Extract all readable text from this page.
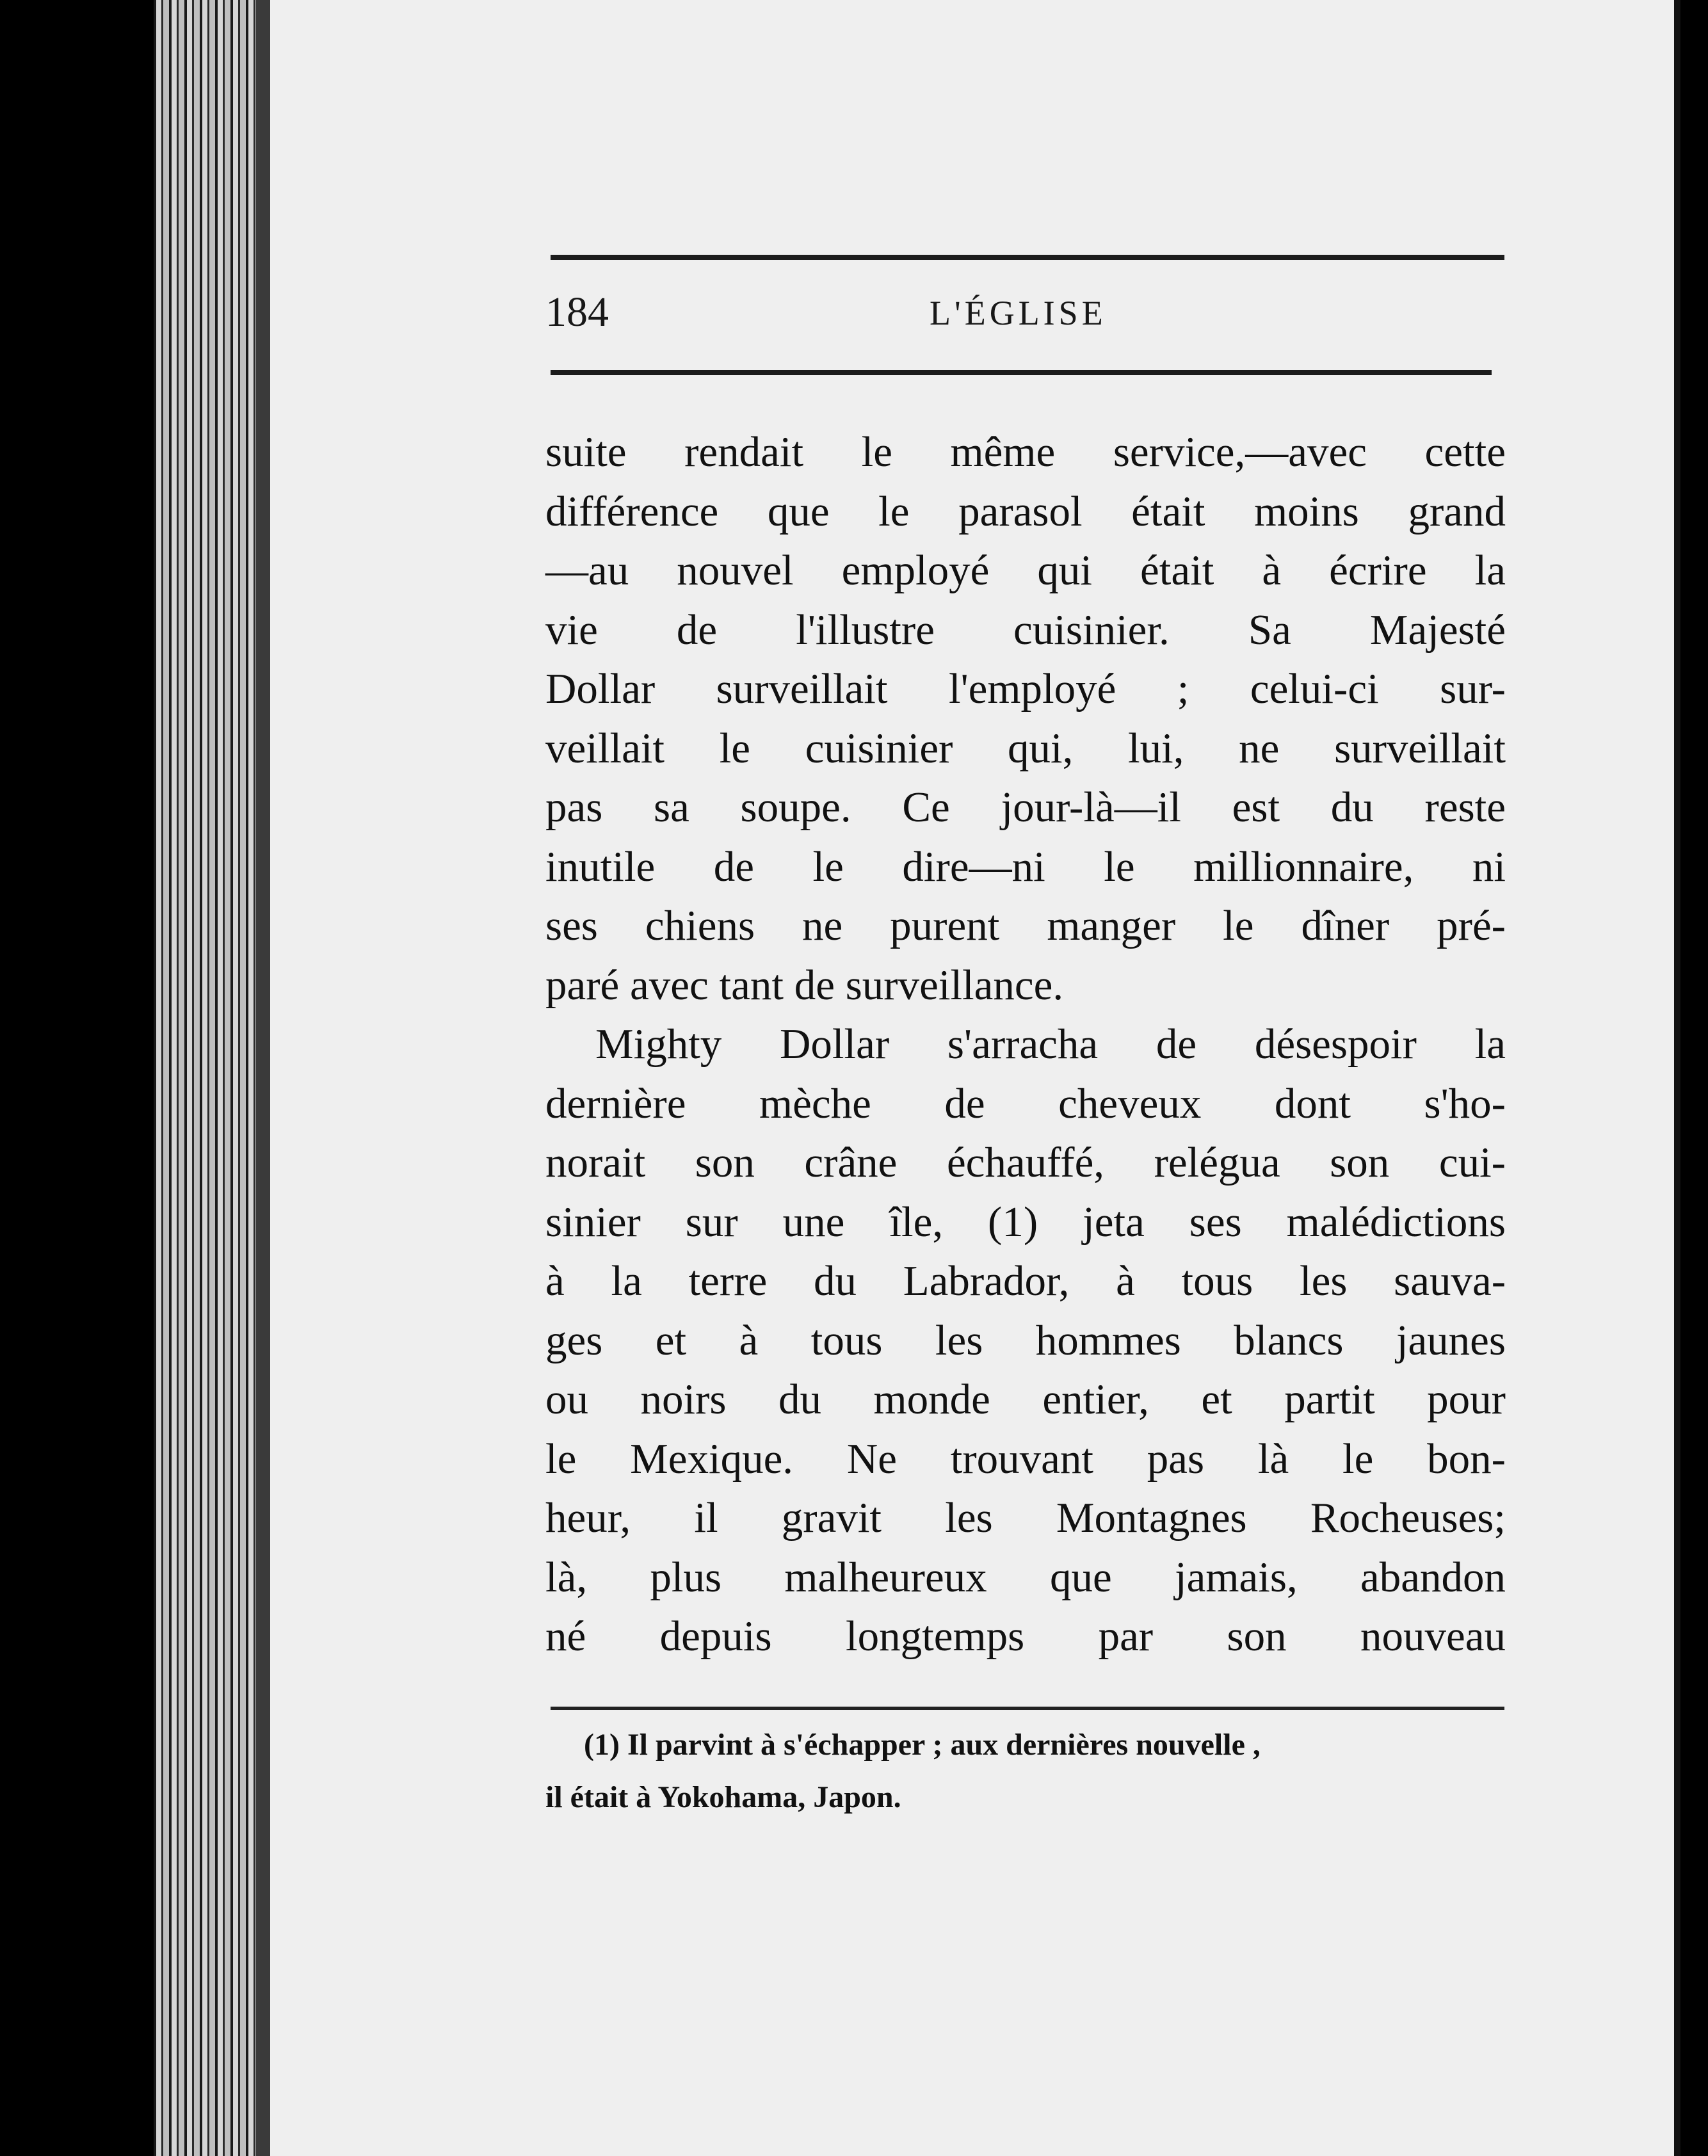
184	L'ÉGLISE
suite rendait le même service,—avec cette
différence que le parasol était moins grand
—au nouvel employé qui était à écrire la
vie de l'illustre cuisinier. Sa Majesté
Dollar surveillait l'employé ; celui-ci sur-
veillait le cuisinier qui, lui, ne surveillait
pas sa soupe. Ce jour-là—il est du reste
inutile de le dire—ni le millionnaire, ni
ses chiens ne purent manger le dîner pré-
paré avec tant de surveillance.
Mighty Dollar s'arracha de désespoir la
dernière mèche de cheveux dont s'ho-
norait son crâne échauffé, relégua son cui-
sinier sur une île, (1) jeta ses malédictions
à la terre du Labrador, à tous les sauva-
ges et à tous les hommes blancs jaunes
ou noirs du monde entier, et partit pour
le Mexique. Ne trouvant pas là le bon-
heur, il gravit les Montagnes Rocheuses;
là, plus malheureux que jamais, abandon
né depuis longtemps par son nouveau
(1) Il parvint à s'échapper ; aux dernières nouvelle ,
il était à Yokohama, Japon.
